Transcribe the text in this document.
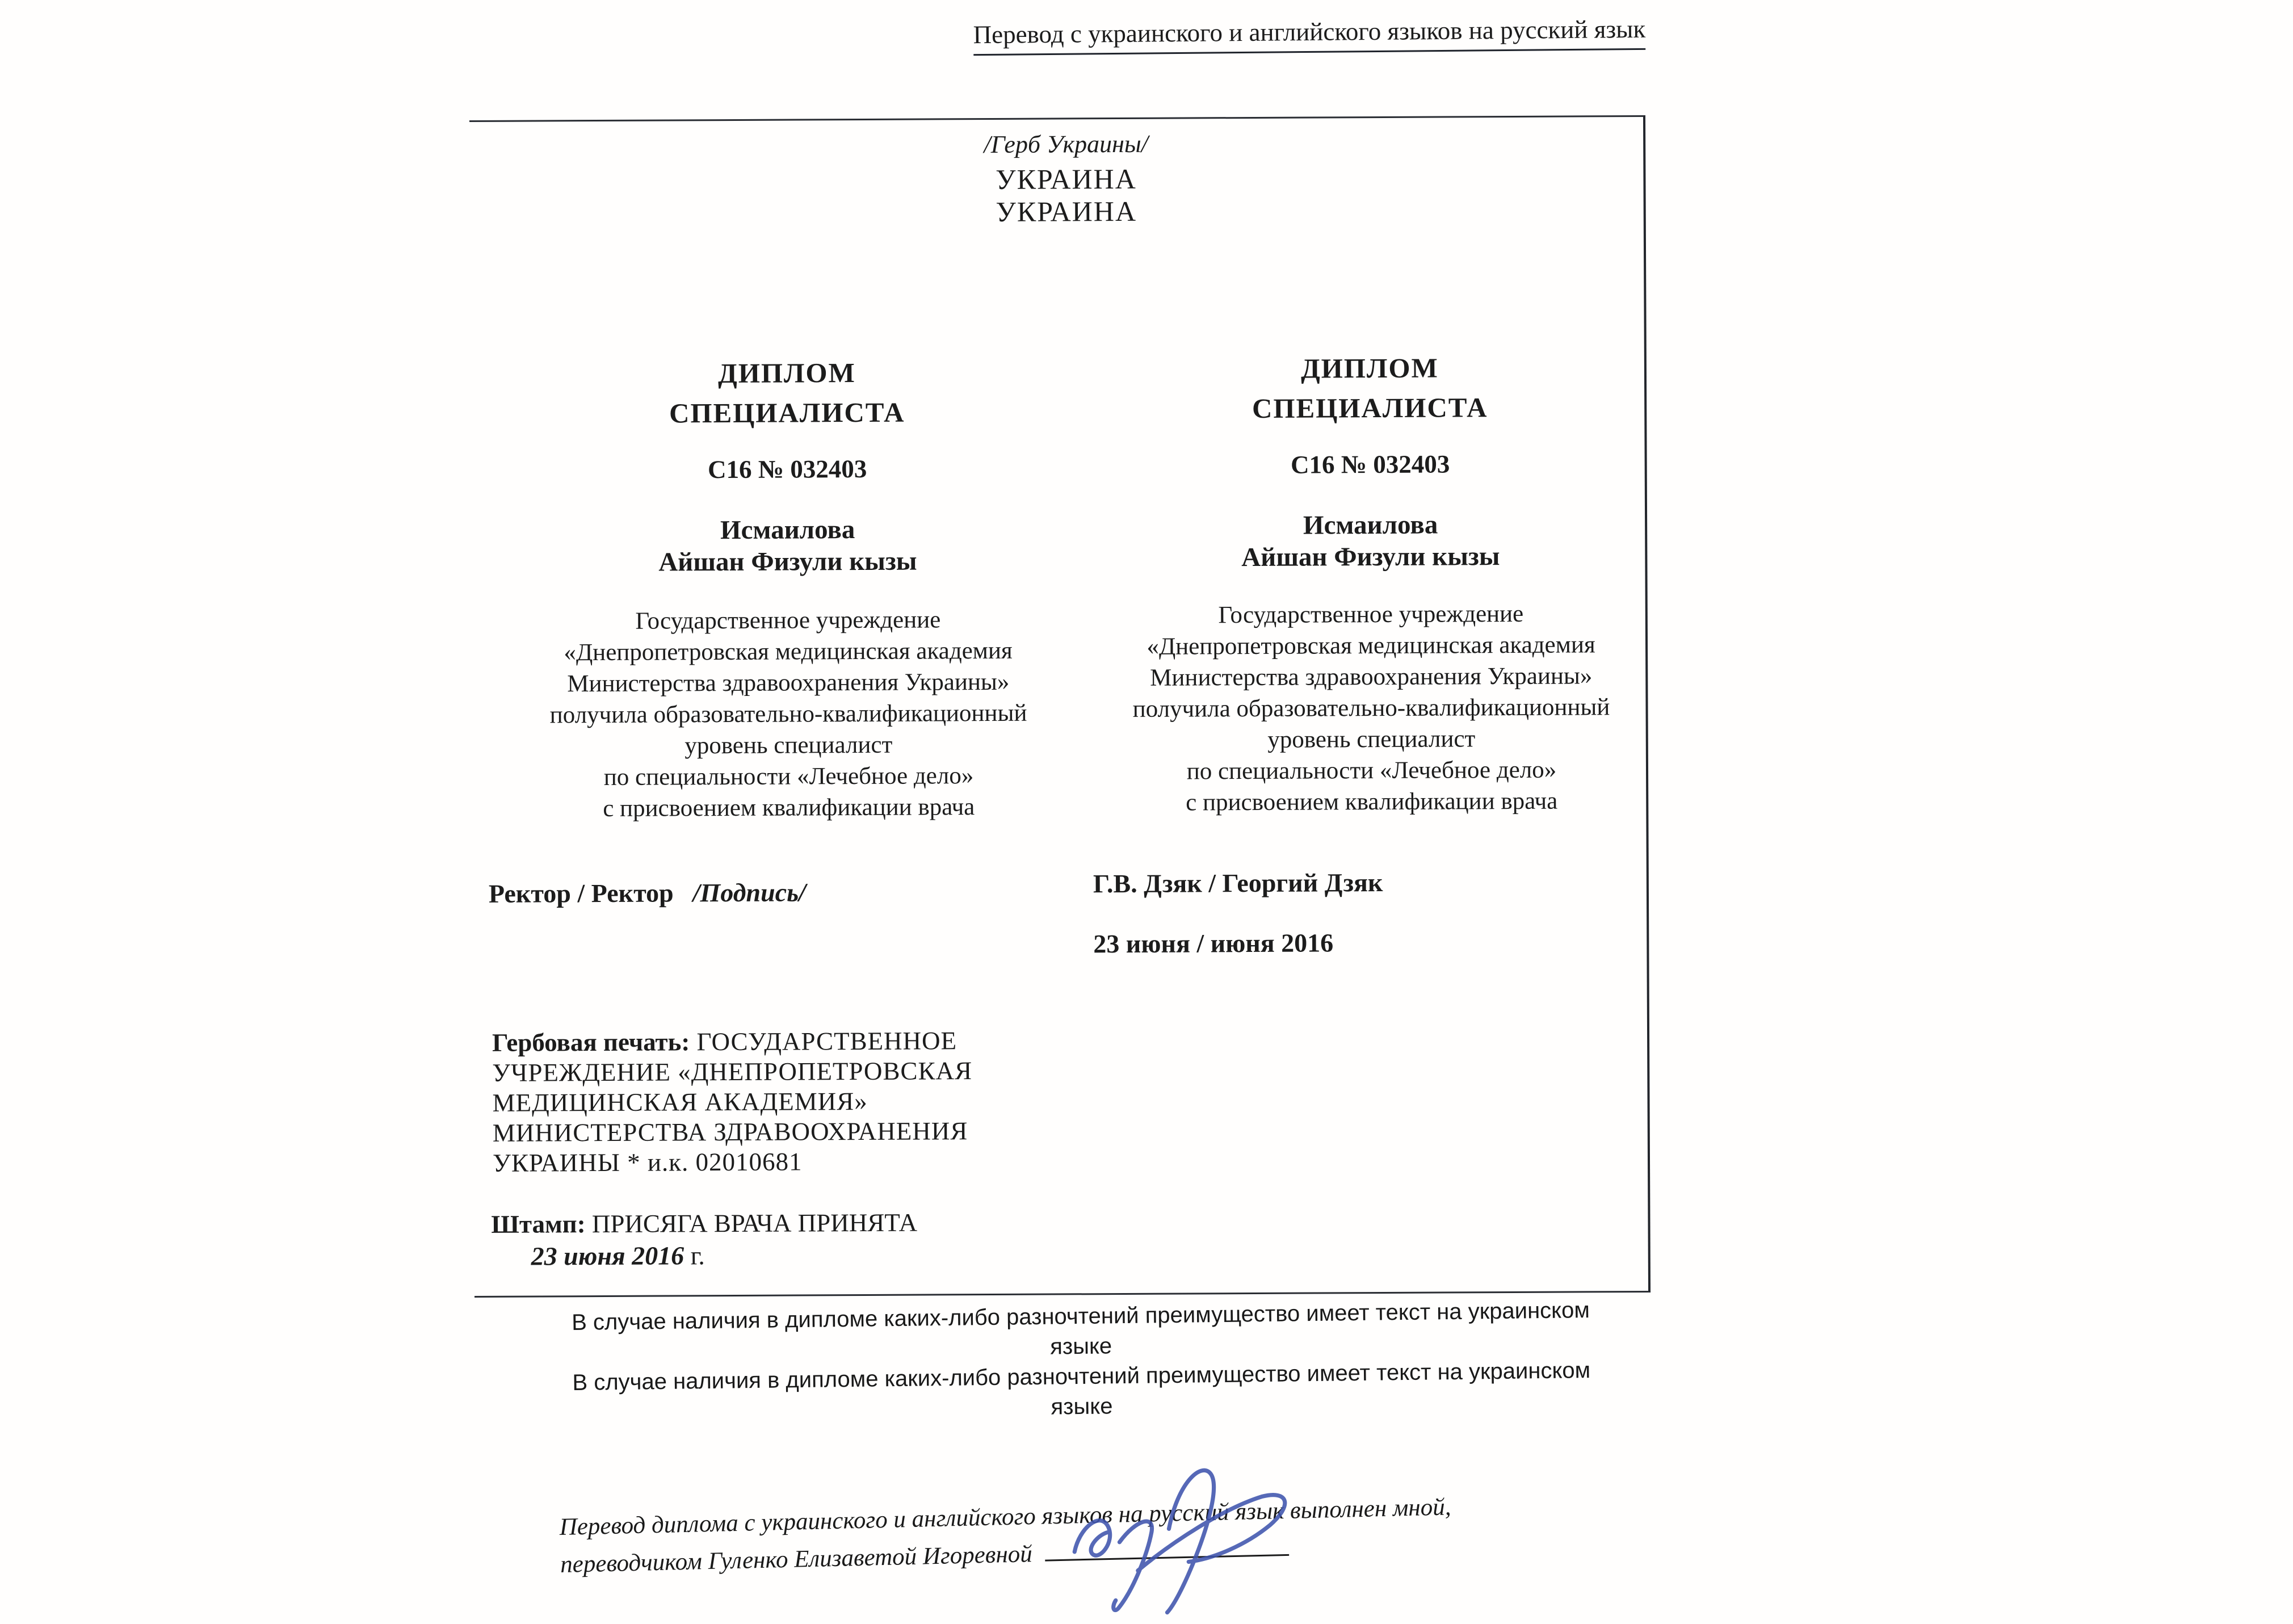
Перевод с украинского и английского языков на русский язык
/Герб Украины/
УКРАИНА
УКРАИНА
ДИПЛОМ
СПЕЦИАЛИСТА
С16 № 032403
Исмаилова
Айшан Физули кызы
Государственное учреждение
«Днепропетровская медицинская академия
Министерства здравоохранения Украины»
получила образовательно-квалификационный
уровень специалист
по специальности «Лечебное дело»
с присвоением квалификации врача
Ректор / Ректор /Подпись/
Гербовая печать: ГОСУДАРСТВЕННОЕ
УЧРЕЖДЕНИЕ «ДНЕПРОПЕТРОВСКАЯ
МЕДИЦИНСКАЯ АКАДЕМИЯ»
МИНИСТЕРСТВА ЗДРАВООХРАНЕНИЯ
УКРАИНЫ * и.к. 02010681
Штамп: ПРИСЯГА ВРАЧА ПРИНЯТА
23 июня 2016 г.
ДИПЛОМ
СПЕЦИАЛИСТА
С16 № 032403
Исмаилова
Айшан Физули кызы
Государственное учреждение
«Днепропетровская медицинская академия
Министерства здравоохранения Украины»
получила образовательно-квалификационный
уровень специалист
по специальности «Лечебное дело»
с присвоением квалификации врача
Г.В. Дзяк / Георгий Дзяк
23 июня / июня 2016
В случае наличия в дипломе каких-либо разночтений преимущество имеет текст на украинском языке
В случае наличия в дипломе каких-либо разночтений преимущество имеет текст на украинском языке
Перевод диплома с украинского и английского языков на русский язык выполнен мной,
переводчиком Гуленко Елизаветой Игоревной
